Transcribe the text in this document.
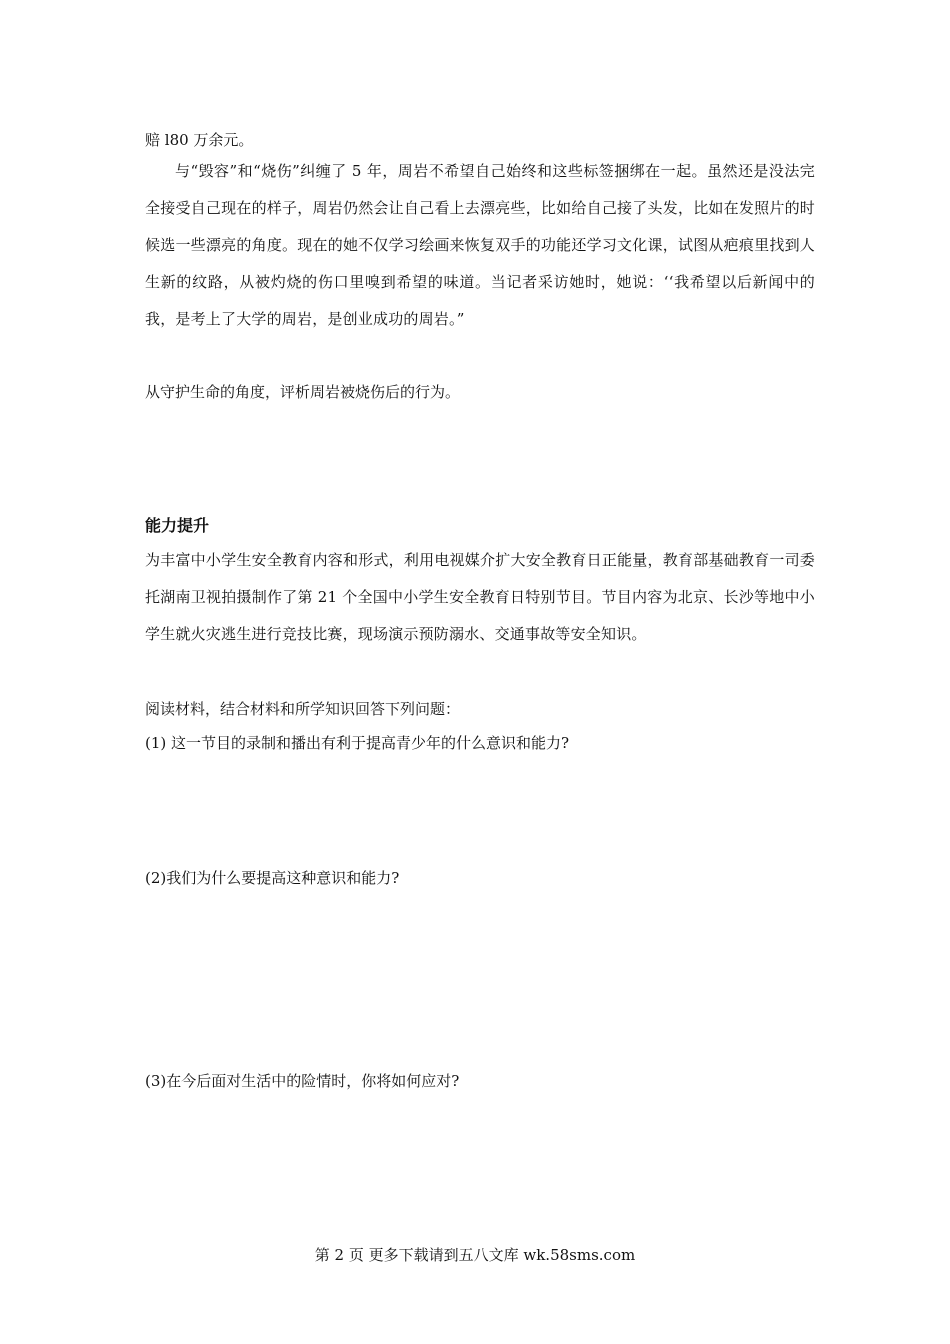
赔 l80 万余元。
与“毁容”和“烧伤”纠缠了 5 年，周岩不希望自己始终和这些标签捆绑在一起。虽然还是没法完全接受自己现在的样子，周岩仍然会让自己看上去漂亮些，比如给自己接了头发，比如在发照片的时候选一些漂亮的角度。现在的她不仅学习绘画来恢复双手的功能还学习文化课，试图从疤痕里找到人生新的纹路，从被灼烧的伤口里嗅到希望的味道。当记者采访她时，她说：‘‘我希望以后新闻中的我，是考上了大学的周岩，是创业成功的周岩。”
从守护生命的角度，评析周岩被烧伤后的行为。
能力提升
为丰富中小学生安全教育内容和形式，利用电视媒介扩大安全教育日正能量，教育部基础教育一司委托湖南卫视拍摄制作了第 21 个全国中小学生安全教育日特别节目。节目内容为北京、长沙等地中小学生就火灾逃生进行竞技比赛，现场演示预防溺水、交通事故等安全知识。
阅读材料，结合材料和所学知识回答下列问题：
(1) 这一节目的录制和播出有利于提高青少年的什么意识和能力?
(2)我们为什么要提高这种意识和能力?
(3)在今后面对生活中的险情时，你将如何应对?
第 2 页 更多下载请到五八文库 wk.58sms.com
